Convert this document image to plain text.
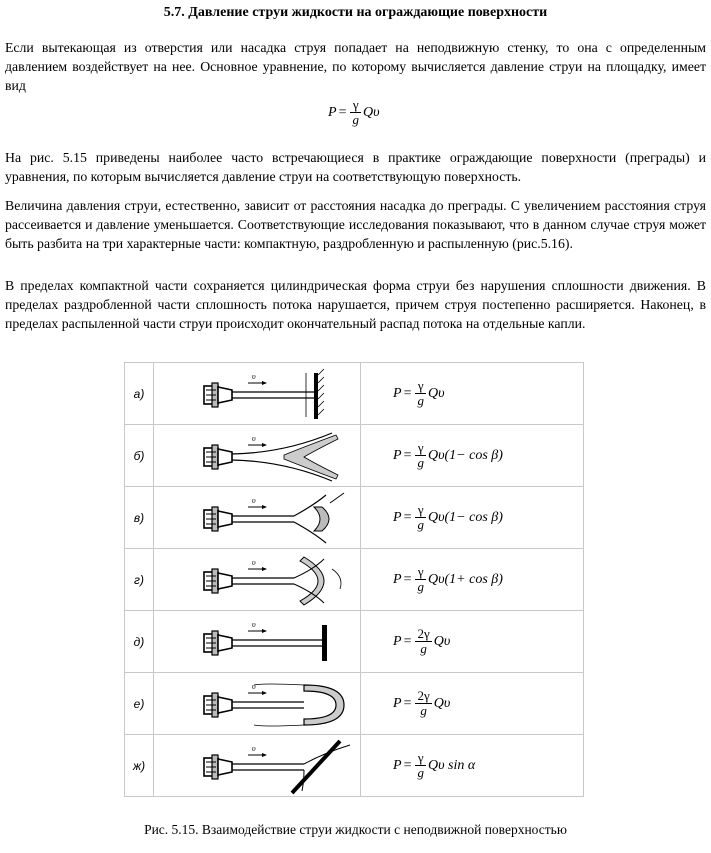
5.7. Давление струи жидкости на ограждающие поверхности

Если вытекающая из отверстия или насадка струя попадает на неподвижную стенку, то она с определенным давлением воздействует на нее. Основное уравнение, по которому вычисляется давление струи на площадку, имеет вид

$P = \frac{\gamma}{g}$ Qυ

На рис. 5.15 приведены наиболее часто встречающиеся в практике ограждающие поверхности (преграды) и уравнения, по которым вычисляется давление струи на соответствующую поверхность.

Величина давления струи, естественно, зависит от расстояния насадка до преграды. С увеличением расстояния струя рассеивается и давление уменьшается. Соответствующие исследования показывают, что в данном случае струя может быть разбита на три характерные части: компактную, раздробленную и распыленную (рис.5.16).

В пределах компактной части сохраняется цилиндрическая форма струи без нарушения сплошности движения. В пределах раздробленной части сплошность потока нарушается, причем струя постепенно расширяется. Наконец, в пределах распыленной части струи происходит окончательный распад потока на отдельные капли.

а)	υ	$P = \frac{\gamma}{g}$ Qυ

б)	υ	$P = \frac{\gamma}{g} Q\upsilon(1- \cos \beta)$

в)	υ	$P = \frac{\gamma}{g} Q\upsilon(1- \cos \beta)$

г)	υ	$P = \frac{\gamma}{g} Q\upsilon(1+ \cos \beta)$

д)	υ	$P = \frac{2\gamma}{g}$ Qυ

е)	υ	$P = \frac{2\gamma}{g}$ Qυ

ж)	υ	$P = \frac{\gamma}{g}$ Qυ sin α
Рис. 5.15. Взаимодействие струи жидкости с неподвижной поверхностью
